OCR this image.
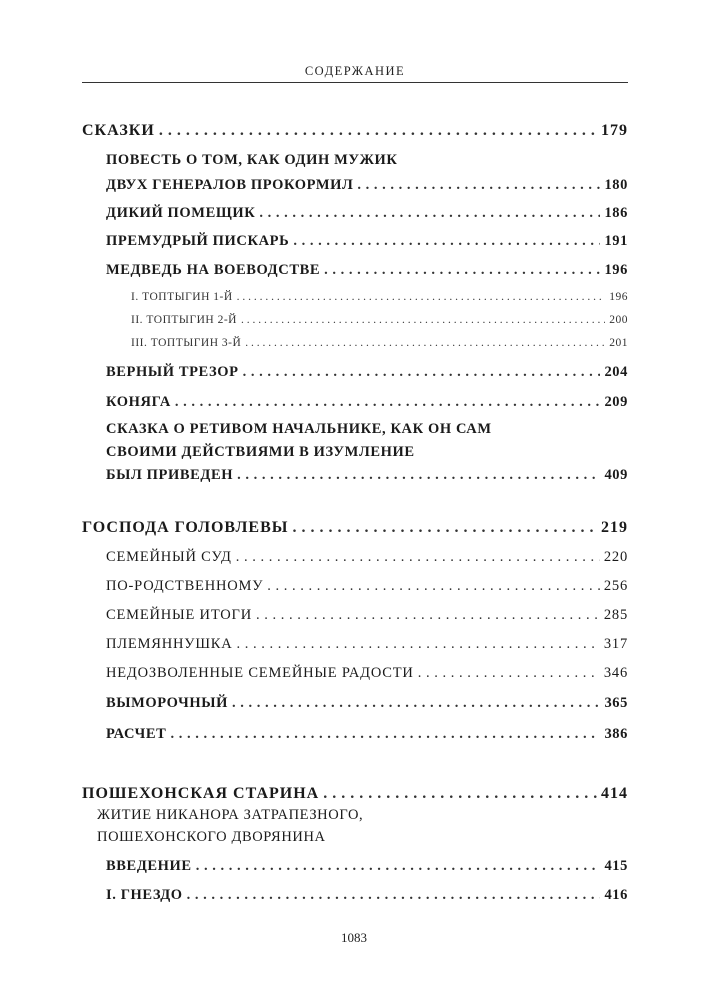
СОДЕРЖАНИЕ
СКАЗКИ . . .	179
ПОВЕСТЬ О ТОМ, КАК ОДИН МУЖИК
ДВУХ ГЕНЕРАЛОВ ПРОКОРМИЛ . . .	180
ДИКИЙ ПОМЕЩИК . . .	186
ПРЕМУДРЫЙ ПИСКАРЬ . . .	191
МЕДВЕДЬ НА ВОЕВОДСТВЕ . . .	196
I. ТОПТЫГИН 1-Й . . .	196
II. ТОПТЫГИН 2-Й . . .	200
III. ТОПТЫГИН 3-Й . . .	201
ВЕРНЫЙ ТРЕЗОР . . .	204
КОНЯГА . . .	209
СКАЗКА О РЕТИВОМ НАЧАЛЬНИКЕ, КАК ОН САМ
СВОИМИ ДЕЙСТВИЯМИ В ИЗУМЛЕНИЕ
БЫЛ ПРИВЕДЕН . . .	409
ГОСПОДА ГОЛОВЛЕВЫ . . .	219
СЕМЕЙНЫЙ СУД . . .	220
ПО-РОДСТВЕННОМУ . . .	256
СЕМЕЙНЫЕ ИТОГИ . . .	285
ПЛЕМЯННУШКА . . .	317
НЕДОЗВОЛЕННЫЕ СЕМЕЙНЫЕ РАДОСТИ . . .	346
ВЫМОРОЧНЫЙ . . .	365
РАСЧЕТ . . .	386
ПОШЕХОНСКАЯ СТАРИНА . . .	414
ЖИТИЕ НИКАНОРА ЗАТРАПЕЗНОГО,
ПОШЕХОНСКОГО ДВОРЯНИНА
ВВЕДЕНИЕ . . .	415
I. ГНЕЗДО . . .	416
1083
